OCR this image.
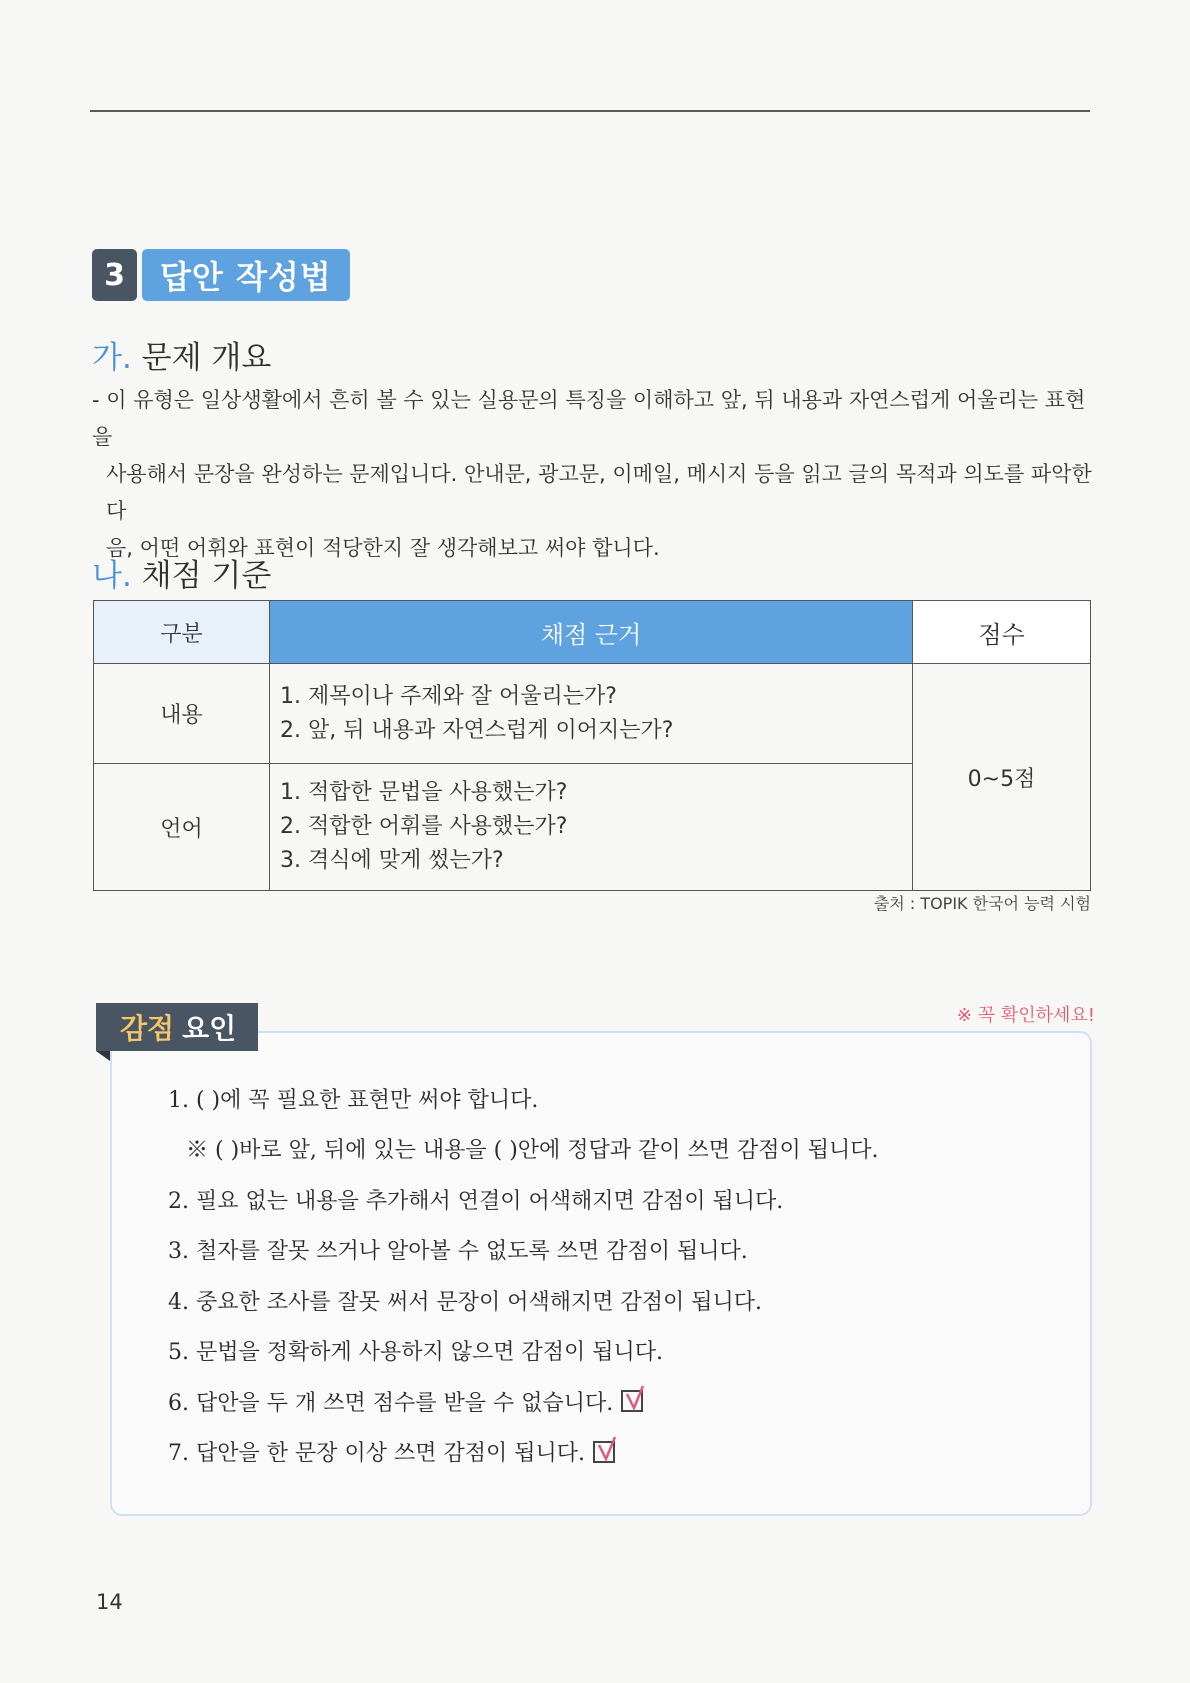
3	답안 작성법
가. 문제 개요
- 이 유형은 일상생활에서 흔히 볼 수 있는 실용문의 특징을 이해하고 앞, 뒤 내용과 자연스럽게 어울리는 표현을
사용해서 문장을 완성하는 문제입니다. 안내문, 광고문, 이메일, 메시지 등을 읽고 글의 목적과 의도를 파악한 다
음, 어떤 어휘와 표현이 적당한지 잘 생각해보고 써야 합니다.
나. 채점 기준
구분	채점 근거	점수
내용	1. 제목이나 주제와 잘 어울리는가?
2. 앞, 뒤 내용과 자연스럽게 이어지는가?	0~5점
언어	1. 적합한 문법을 사용했는가?
2. 적합한 어휘를 사용했는가?
3. 격식에 맞게 썼는가?	
출처 : TOPIK 한국어 능력 시험
감점 요인	※ 꼭 확인하세요!
1. ( )에 꼭 필요한 표현만 써야 합니다.
※ ( )바로 앞, 뒤에 있는 내용을 ( )안에 정답과 같이 쓰면 감점이 됩니다.
2. 필요 없는 내용을 추가해서 연결이 어색해지면 감점이 됩니다.
3. 철자를 잘못 쓰거나 알아볼 수 없도록 쓰면 감점이 됩니다.
4. 중요한 조사를 잘못 써서 문장이 어색해지면 감점이 됩니다.
5. 문법을 정확하게 사용하지 않으면 감점이 됩니다.
6. 답안을 두 개 쓰면 점수를 받을 수 없습니다.
7. 답안을 한 문장 이상 쓰면 감점이 됩니다.
14
